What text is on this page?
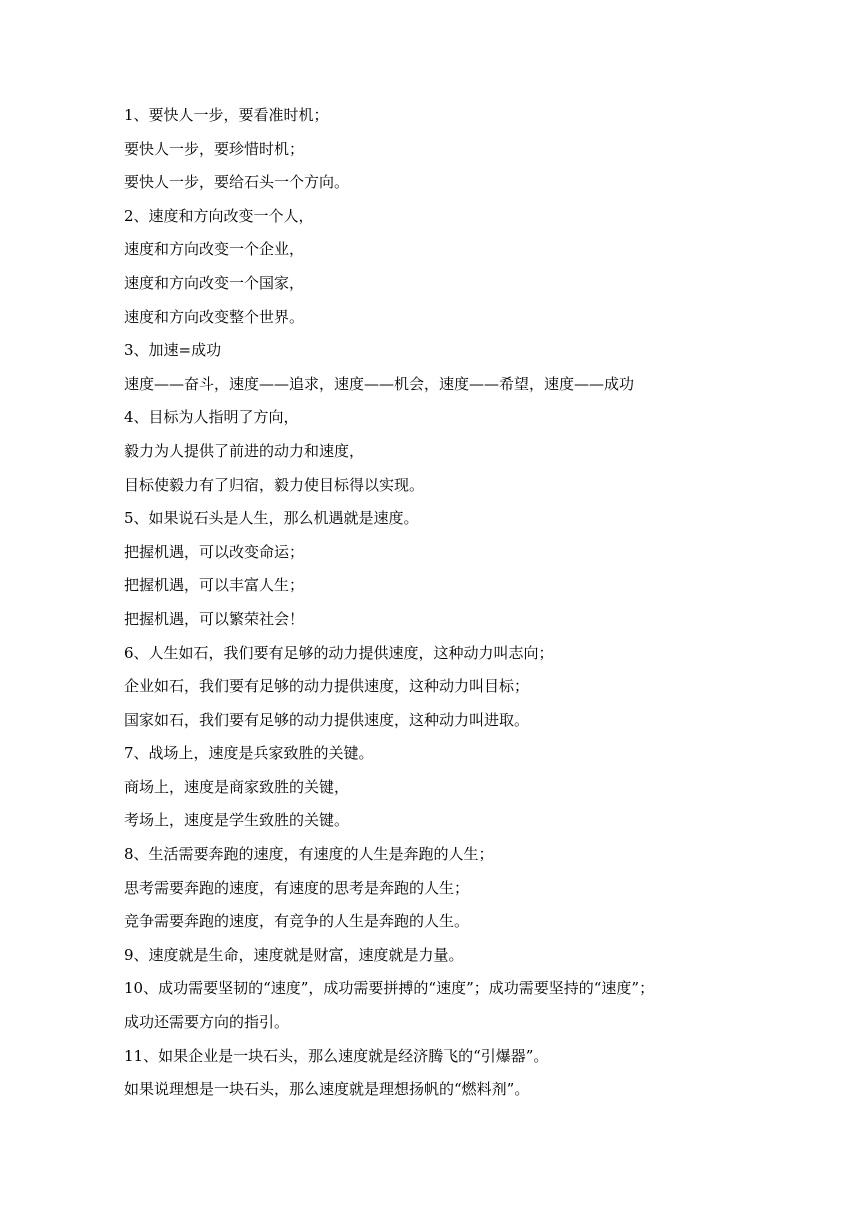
1、要快人一步，要看准时机；
要快人一步，要珍惜时机；
要快人一步，要给石头一个方向。
2、速度和方向改变一个人，
速度和方向改变一个企业，
速度和方向改变一个国家，
速度和方向改变整个世界。
3、加速=成功
速度——奋斗，速度——追求，速度——机会，速度——希望，速度——成功
4、目标为人指明了方向，
毅力为人提供了前进的动力和速度，
目标使毅力有了归宿，毅力使目标得以实现。
5、如果说石头是人生，那么机遇就是速度。
把握机遇，可以改变命运；
把握机遇，可以丰富人生；
把握机遇，可以繁荣社会！
6、人生如石，我们要有足够的动力提供速度，这种动力叫志向；
企业如石，我们要有足够的动力提供速度，这种动力叫目标；
国家如石，我们要有足够的动力提供速度，这种动力叫进取。
7、战场上，速度是兵家致胜的关键。
商场上，速度是商家致胜的关键，
考场上，速度是学生致胜的关键。
8、生活需要奔跑的速度，有速度的人生是奔跑的人生；
思考需要奔跑的速度，有速度的思考是奔跑的人生；
竞争需要奔跑的速度，有竞争的人生是奔跑的人生。
9、速度就是生命，速度就是财富，速度就是力量。
10、成功需要坚韧的“速度”，成功需要拼搏的“速度”；成功需要坚持的“速度”；
成功还需要方向的指引。
11、如果企业是一块石头，那么速度就是经济腾飞的“引爆器”。
如果说理想是一块石头，那么速度就是理想扬帆的“燃料剂”。
